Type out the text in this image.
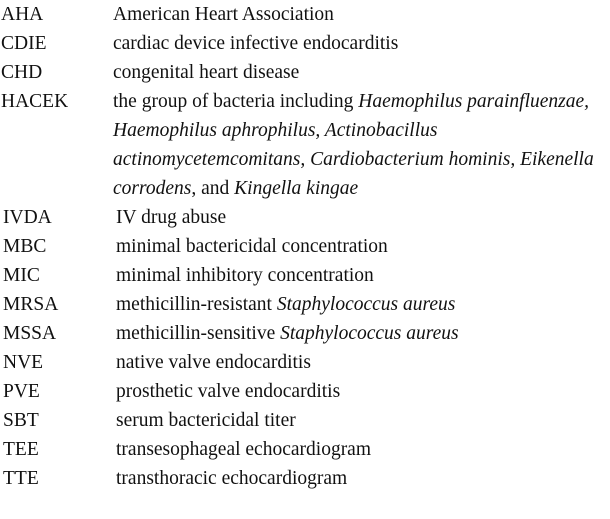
AHA	American Heart Association
CDIE	cardiac device infective endocarditis
CHD	congenital heart disease
HACEK	the group of bacteria including Haemophilus parainfluenzae, Haemophilus aphrophilus, Actinobacillus actinomycetemcomitans, Cardiobacterium hominis, Eikenella corrodens, and Kingella kingae
IVDA	IV drug abuse
MBC	minimal bactericidal concentration
MIC	minimal inhibitory concentration
MRSA	methicillin-resistant Staphylococcus aureus
MSSA	methicillin-sensitive Staphylococcus aureus
NVE	native valve endocarditis
PVE	prosthetic valve endocarditis
SBT	serum bactericidal titer
TEE	transesophageal echocardiogram
TTE	transthoracic echocardiogram
